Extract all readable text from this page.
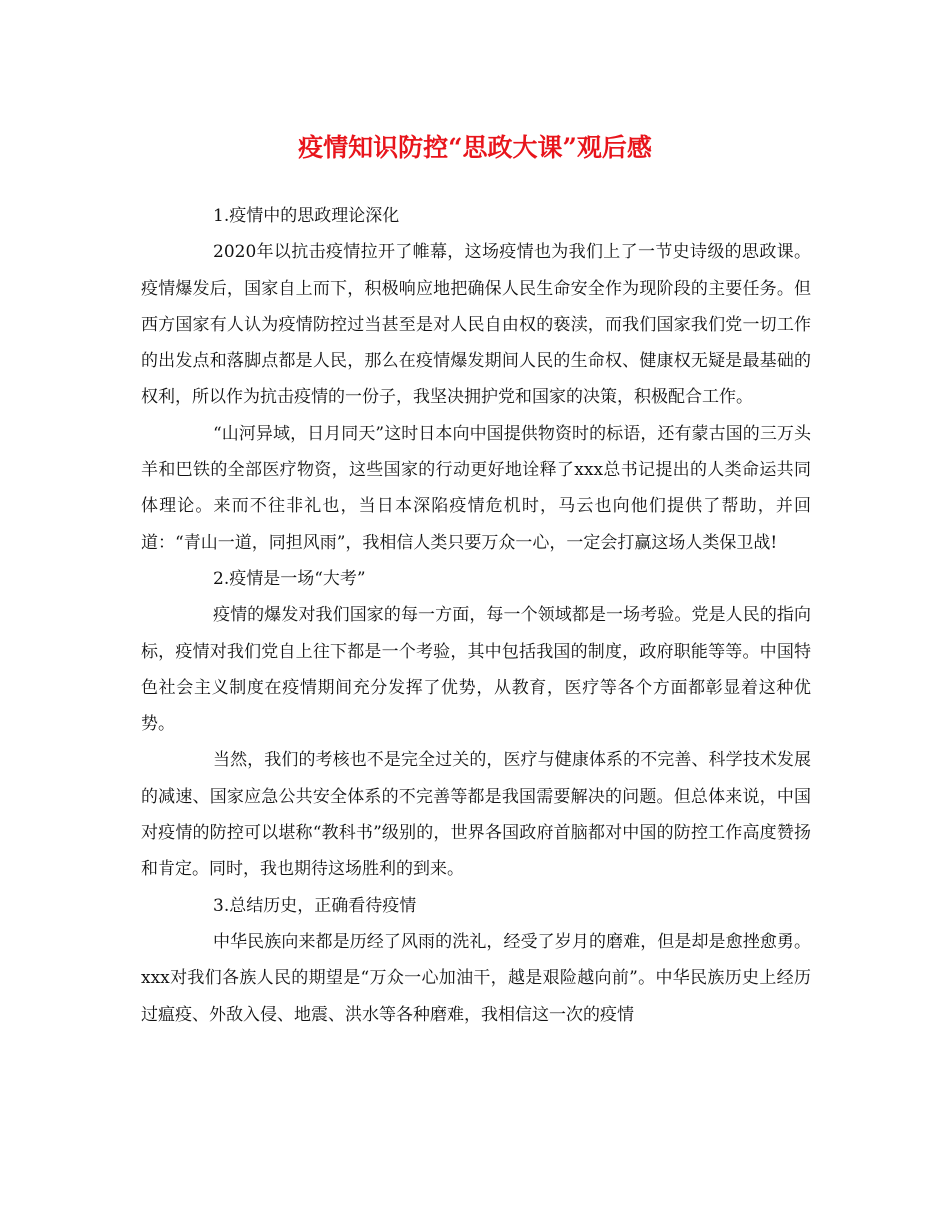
疫情知识防控“思政大课”观后感

1.疫情中的思政理论深化

2020年以抗击疫情拉开了帷幕，这场疫情也为我们上了一节史诗级的思政课。疫情爆发后，国家自上而下，积极响应地把确保人民生命安全作为现阶段的主要任务。但西方国家有人认为疫情防控过当甚至是对人民自由权的亵渎，而我们国家我们党一切工作的出发点和落脚点都是人民，那么在疫情爆发期间人民的生命权、健康权无疑是最基础的权利，所以作为抗击疫情的一份子，我坚决拥护党和国家的决策，积极配合工作。

“山河异域，日月同天”这时日本向中国提供物资时的标语，还有蒙古国的三万头羊和巴铁的全部医疗物资，这些国家的行动更好地诠释了xxx总书记提出的人类命运共同体理论。来而不往非礼也，当日本深陷疫情危机时，马云也向他们提供了帮助，并回道：“青山一道，同担风雨”，我相信人类只要万众一心，一定会打赢这场人类保卫战!

2.疫情是一场“大考”

疫情的爆发对我们国家的每一方面，每一个领域都是一场考验。党是人民的指向标，疫情对我们党自上往下都是一个考验，其中包括我国的制度，政府职能等等。中国特色社会主义制度在疫情期间充分发挥了优势，从教育，医疗等各个方面都彰显着这种优势。

当然，我们的考核也不是完全过关的，医疗与健康体系的不完善、科学技术发展的减速、国家应急公共安全体系的不完善等都是我国需要解决的问题。但总体来说，中国对疫情的防控可以堪称“教科书”级别的，世界各国政府首脑都对中国的防控工作高度赞扬和肯定。同时，我也期待这场胜利的到来。

3.总结历史，正确看待疫情

中华民族向来都是历经了风雨的洗礼，经受了岁月的磨难，但是却是愈挫愈勇。xxx对我们各族人民的期望是“万众一心加油干，越是艰险越向前”。中华民族历史上经历过瘟疫、外敌入侵、地震、洪水等各种磨难，我相信这一次的疫情
